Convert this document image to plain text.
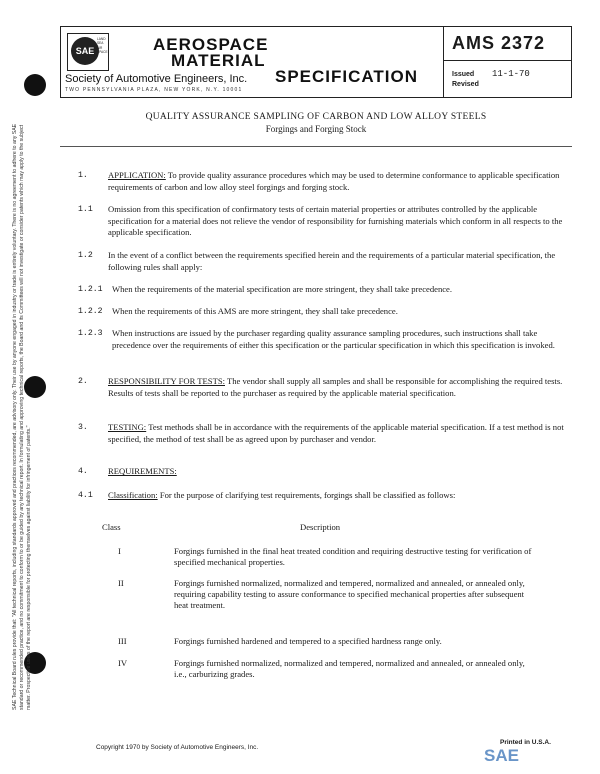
SAE Technical Board rules provide that: "All technical reports, including standards approved and practices recommended, are advisory only. Their use by anyone engaged in industry or trade is entirely voluntary. There is no agreement to adhere to any SAE standard or recommended practice, and no commitment to conform to or be guided by any technical report. In formulating and approving technical reports, the Board and its Committees will not investigate or consider patents which may apply to the subject matter. Prospective users of the report are responsible for protecting themselves against liability for infringement of patents."
SAE
LAND
SEA
AIR
SPACE	AEROSPACE
MATERIAL
SPECIFICATION
Society of Automotive Engineers, Inc.
TWO PENNSYLVANIA PLAZA, NEW YORK, N.Y. 10001
AMS 2372
Issued 11-1-70
Revised
QUALITY ASSURANCE SAMPLING OF CARBON AND LOW ALLOY STEELS
Forgings and Forging Stock
1. APPLICATION: To provide quality assurance procedures which may be used to determine conformance to applicable specification requirements of carbon and low alloy steel forgings and forging stock.
1.1 Omission from this specification of confirmatory tests of certain material properties or attributes controlled by the applicable specification for a material does not relieve the vendor of responsibility for furnishing materials which conform in all respects to the applicable specification.
1.2 In the event of a conflict between the requirements specified herein and the requirements of a particular material specification, the following rules shall apply:
1.2.1 When the requirements of the material specification are more stringent, they shall take precedence.
1.2.2 When the requirements of this AMS are more stringent, they shall take precedence.
1.2.3 When instructions are issued by the purchaser regarding quality assurance sampling procedures, such instructions shall take precedence over the requirements of either this specification or the particular specification in which this specification is invoked.
2. RESPONSIBILITY FOR TESTS: The vendor shall supply all samples and shall be responsible for accomplishing the required tests. Results of tests shall be reported to the purchaser as required by the applicable material specification.
3. TESTING: Test methods shall be in accordance with the requirements of the applicable material specification. If a test method is not specified, the method of test shall be as agreed upon by purchaser and vendor.
4. REQUIREMENTS:
4.1 Classification: For the purpose of clarifying test requirements, forgings shall be classified as follows:
Class	Description
I	Forgings furnished in the final heat treated condition and requiring destructive testing for verification of specified mechanical properties.
II	Forgings furnished normalized, normalized and tempered, normalized and annealed, or annealed only, requiring capability testing to assure conformance to specified mechanical properties after subsequent heat treatment.
III	Forgings furnished hardened and tempered to a specified hardness range only.
IV	Forgings furnished normalized, normalized and tempered, normalized and annealed, or annealed only, i.e., carburizing grades.
Copyright 1970 by Society of Automotive Engineers, Inc.
Printed in U.S.A.
SAE
